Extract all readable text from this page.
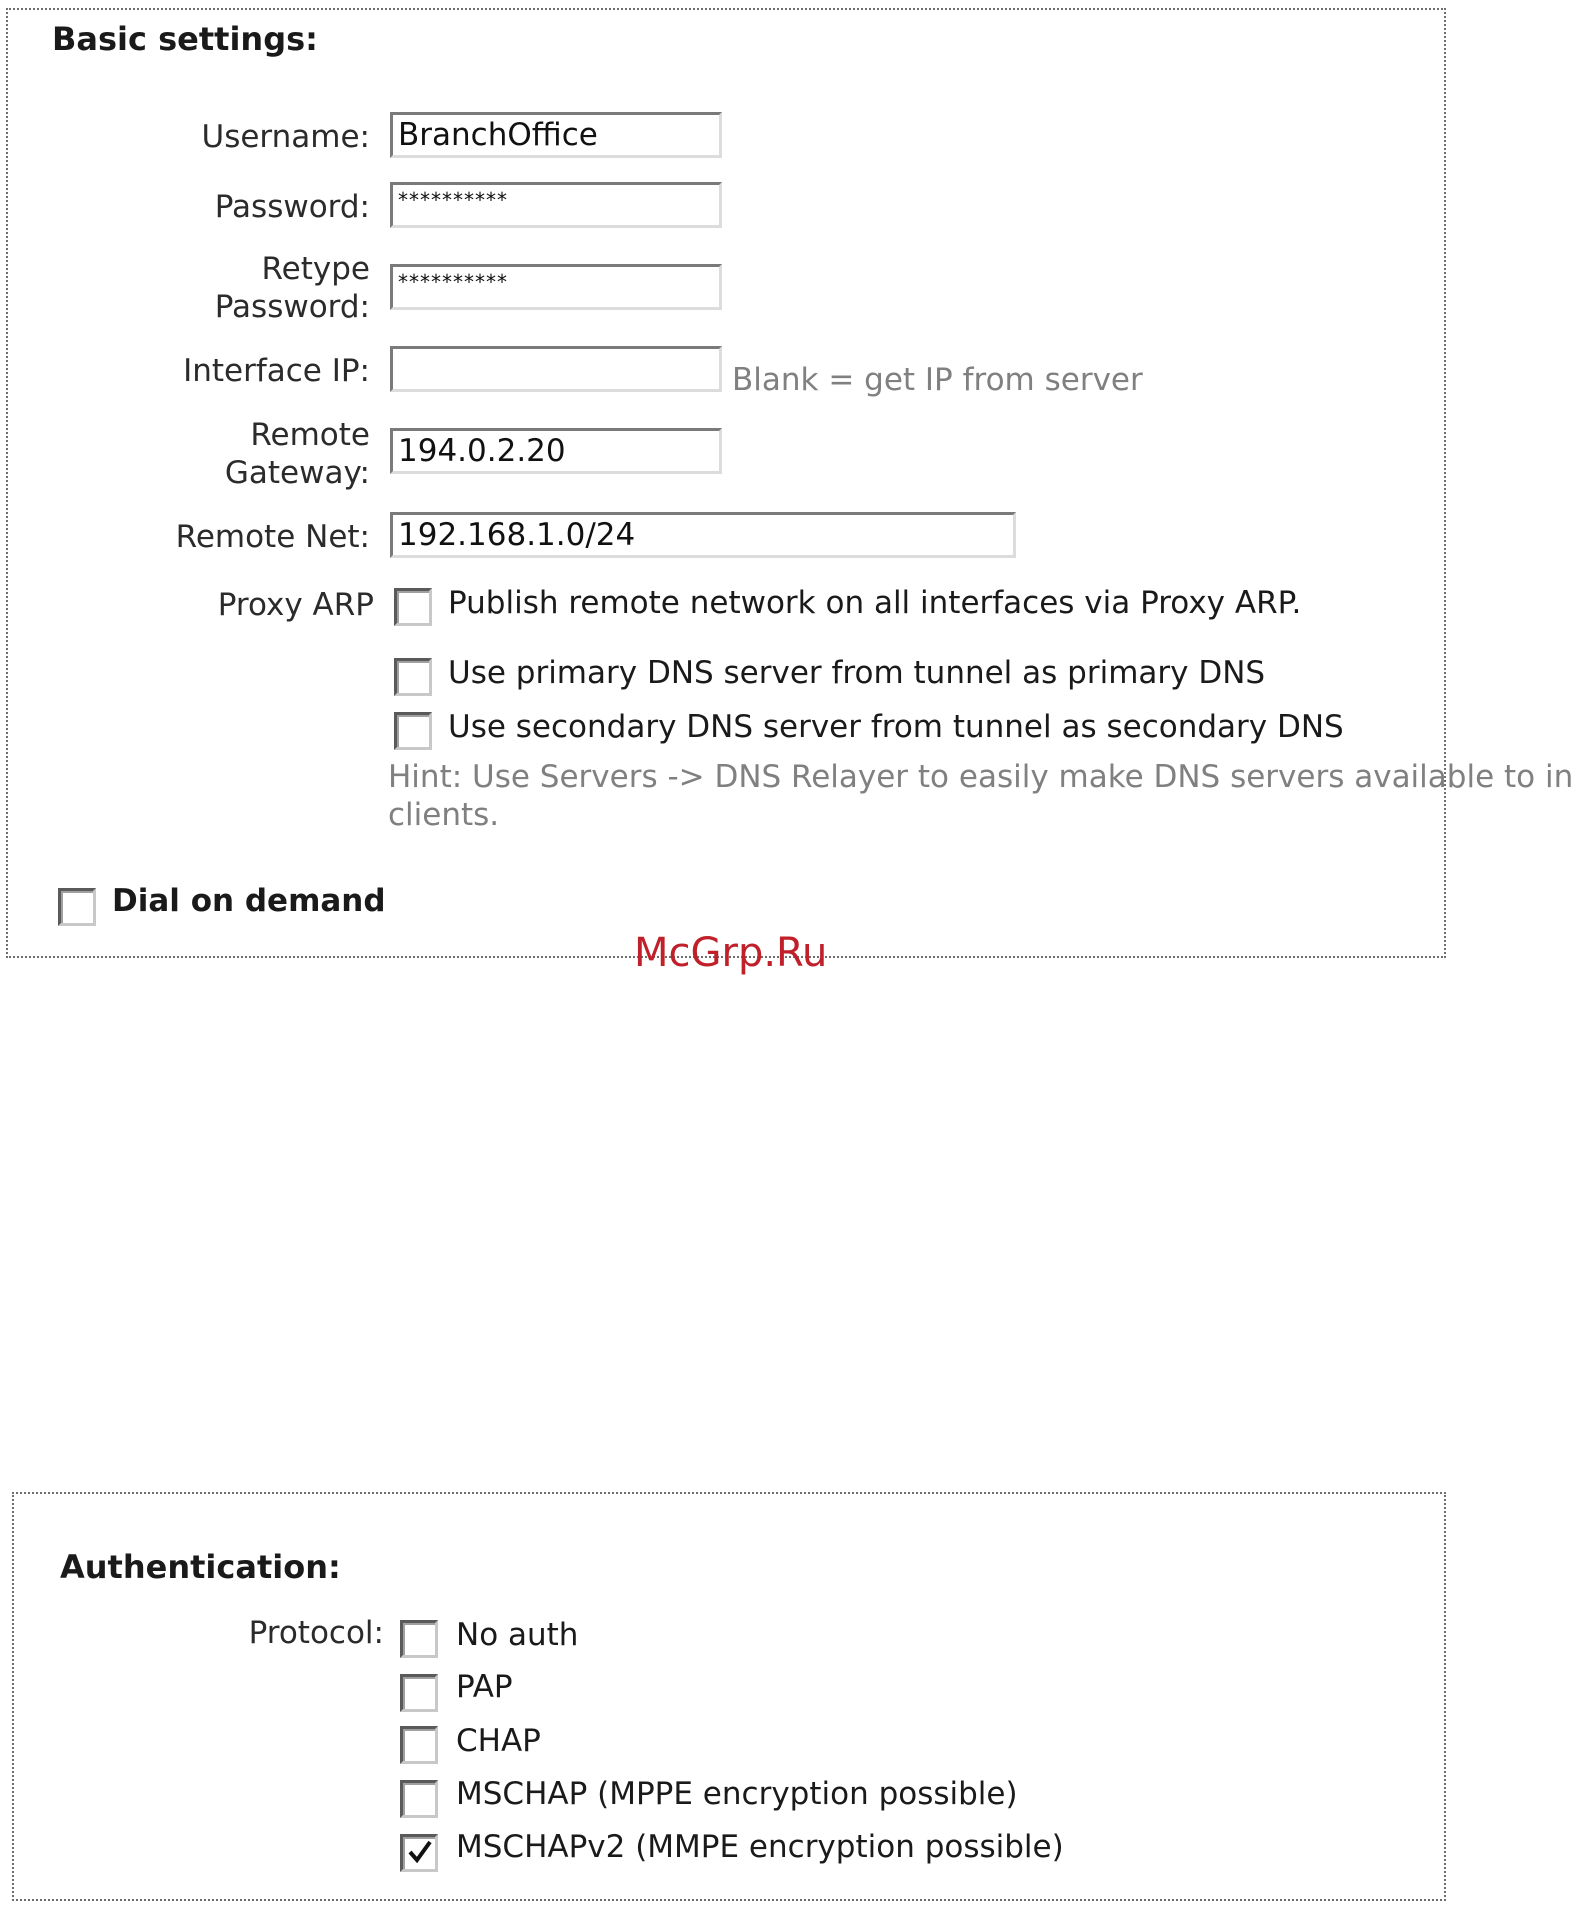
Basic settings:
Username: BranchOffice
Password:	**********
Retype
Password:
**********
Interface IP:	Blank = get IP from server
Remote
Gateway:
194.0.2.20
Remote Net: 192.168.1.0/24
Proxy ARP Publish remote network on all interfaces via Proxy ARP.
Use primary DNS server from tunnel as primary DNS
Use secondary DNS server from tunnel as secondary DNS
Hint: Use Servers -> DNS Relayer to easily make DNS servers available to in
clients.
Dial on demand
McGrp.Ru
Authentication:
Protocol: No auth
PAP
CHAP
MSCHAP (MPPE encryption possible)
MSCHAPv2 (MMPE encryption possible)
